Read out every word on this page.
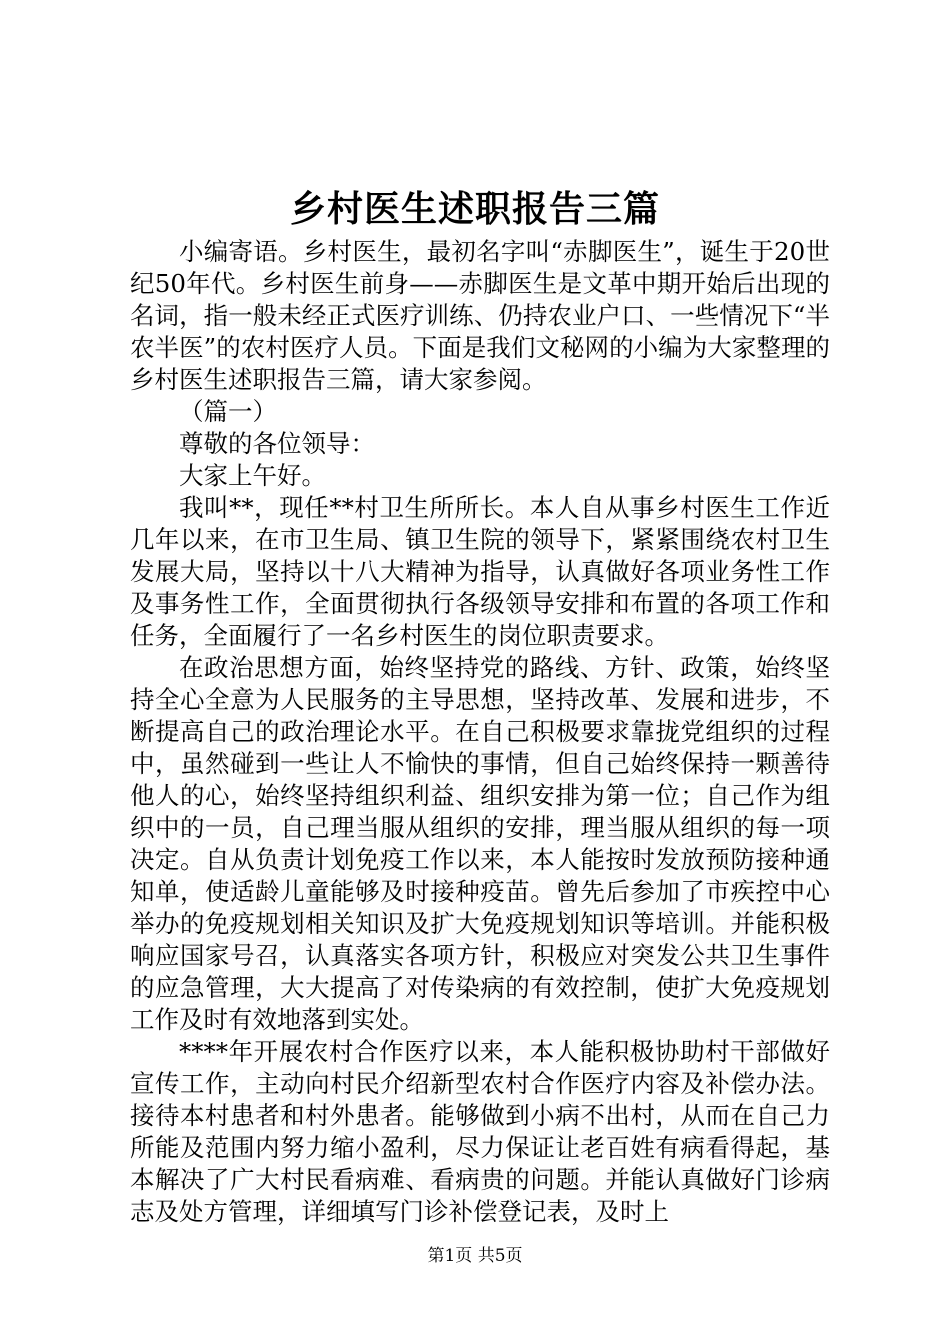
乡村医生述职报告三篇

小编寄语。乡村医生，最初名字叫“赤脚医生”，诞生于20世纪50年代。乡村医生前身——赤脚医生是文革中期开始后出现的名词，指一般未经正式医疗训练、仍持农业户口、一些情况下“半农半医”的农村医疗人员。下面是我们文秘网的小编为大家整理的乡村医生述职报告三篇，请大家参阅。

（篇一）

尊敬的各位领导：

大家上午好。

我叫**，现任**村卫生所所长。本人自从事乡村医生工作近几年以来，在市卫生局、镇卫生院的领导下，紧紧围绕农村卫生发展大局，坚持以十八大精神为指导，认真做好各项业务性工作及事务性工作，全面贯彻执行各级领导安排和布置的各项工作和任务，全面履行了一名乡村医生的岗位职责要求。

在政治思想方面，始终坚持党的路线、方针、政策，始终坚持全心全意为人民服务的主导思想，坚持改革、发展和进步，不断提高自己的政治理论水平。在自己积极要求靠拢党组织的过程中，虽然碰到一些让人不愉快的事情，但自己始终保持一颗善待他人的心，始终坚持组织利益、组织安排为第一位；自己作为组织中的一员，自己理当服从组织的安排，理当服从组织的每一项决定。自从负责计划免疫工作以来，本人能按时发放预防接种通知单，使适龄儿童能够及时接种疫苗。曾先后参加了市疾控中心举办的免疫规划相关知识及扩大免疫规划知识等培训。并能积极响应国家号召，认真落实各项方针，积极应对突发公共卫生事件的应急管理，大大提高了对传染病的有效控制，使扩大免疫规划工作及时有效地落到实处。

****年开展农村合作医疗以来，本人能积极协助村干部做好宣传工作，主动向村民介绍新型农村合作医疗内容及补偿办法。接待本村患者和村外患者。能够做到小病不出村，从而在自己力所能及范围内努力缩小盈利，尽力保证让老百姓有病看得起，基本解决了广大村民看病难、看病贵的问题。并能认真做好门诊病志及处方管理，详细填写门诊补偿登记表，及时上

第1页 共5页
